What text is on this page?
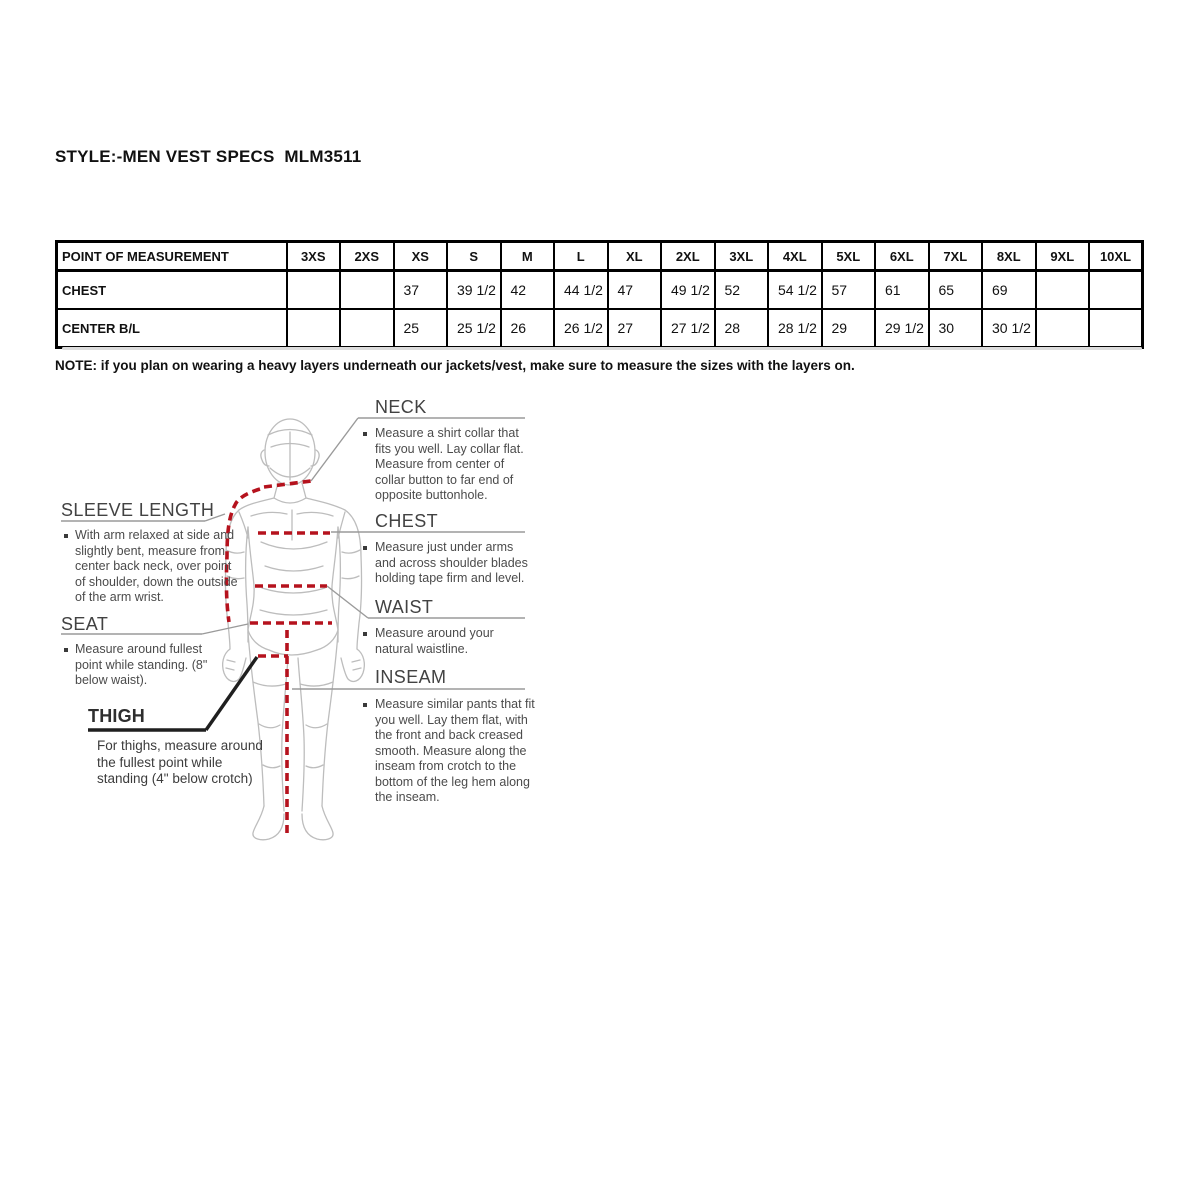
STYLE:-MEN VEST SPECS  MLM3511
POINT OF MEASUREMENT	3XS	2XS	XS	S	M	L	XL	2XL	3XL	4XL	5XL	6XL	7XL	8XL	9XL	10XL
CHEST			37	39 1/2	42	44 1/2	47	49 1/2	52	54 1/2	57	61	65	69		
CENTER B/L			25	25 1/2	26	26 1/2	27	27 1/2	28	28 1/2	29	29 1/2	30	30 1/2		
NOTE: if you plan on wearing a heavy layers underneath our jackets/vest, make sure to measure the sizes with the layers on.
NECK
Measure a shirt collar that fits you well. Lay collar flat. Measure from center of collar button to far end of opposite buttonhole.
CHEST
Measure just under arms and across shoulder blades holding tape firm and level.
WAIST
Measure around your natural waistline.
INSEAM
Measure similar pants that fit you well. Lay them flat, with the front and back creased smooth. Measure along the inseam from crotch to the bottom of the leg hem along the inseam.
SLEEVE LENGTH
With arm relaxed at side and slightly bent, measure from center back neck, over point of shoulder, down the outside of the arm wrist.
SEAT
Measure around fullest point while standing. (8" below waist).
THIGH
For thighs, measure around the fullest point while standing (4" below crotch)
